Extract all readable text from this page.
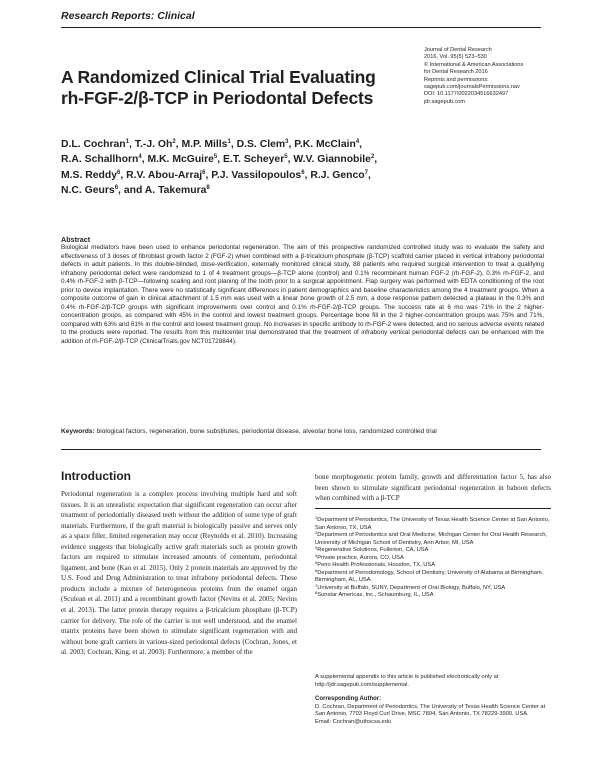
Research Reports: Clinical
A Randomized Clinical Trial Evaluating rh-FGF-2/β-TCP in Periodontal Defects
Journal of Dental Research
2016, Vol. 95(5) 523–530
© International & American Associations
for Dental Research 2016
Reprints and permissions:
sagepub.com/journalsPermissions.nav
DOI: 10.1177/0022034516632497
jdr.sagepub.com
D.L. Cochran$^1$, T.-J. Oh$^2$, M.P. Mills$^1$, D.S. Clem$^3$, P.K. McClain$^4$,
R.A. Schallhorn$^4$, M.K. McGuire$^5$, E.T. Scheyer$^5$, W.V. Giannobile$^2$,
M.S. Reddy$^6$, R.V. Abou-Arraj$^6$, P.J. Vassilopoulos$^6$, R.J. Genco$^7$,
N.C. Geurs$^6$, and A. Takemura$^8$
Abstract
Biological mediators have been used to enhance periodontal regeneration. The aim of this prospective randomized controlled study was to evaluate the safety and effectiveness of 3 doses of fibroblast growth factor 2 (FGF-2) when combined with a β-tricalcium phosphate (β-TCP) scaffold carrier placed in vertical infrabony periodontal defects in adult patients. In this double-blinded, dose-verification, externally monitored clinical study, 88 patients who required surgical intervention to treat a qualifying infrabony periodontal defect were randomized to 1 of 4 treatment groups—β-TCP alone (control) and 0.1% recombinant human FGF-2 (rh-FGF-2), 0.3% rh-FGF-2, and 0.4% rh-FGF-2 with β-TCP—following scaling and root planing of the tooth prior to a surgical appointment. Flap surgery was performed with EDTA conditioning of the root prior to device implantation. There were no statistically significant differences in patient demographics and baseline characteristics among the 4 treatment groups. When a composite outcome of gain in clinical attachment of 1.5 mm was used with a linear bone growth of 2.5 mm, a dose response pattern detected a plateau in the 0.3% and 0.4% rh-FGF-2/β-TCP groups with significant improvements over control and 0.1% rh-FGF-2/β-TCP groups. The success rate at 6 mo was 71% in the 2 higher-concentration groups, as compared with 45% in the control and lowest treatment groups. Percentage bone fill in the 2 higher-concentration groups was 75% and 71%, compared with 63% and 61% in the control and lowest treatment group. No increases in specific antibody to rh-FGF-2 were detected, and no serious adverse events related to the products were reported. The results from this multicenter trial demonstrated that the treatment of infrabony vertical periodontal defects can be enhanced with the addition of rh-FGF-2/β-TCP (ClinicalTrials.gov NCT01728844).
Keywords: biological factors, regeneration, bone substitutes, periodontal disease, alveolar bone loss, randomized controlled trial
Introduction

Periodontal regeneration is a complex process involving multiple hard and soft tissues. It is an unrealistic expectation that significant regeneration can occur after treatment of periodontally diseased teeth without the addition of some type of graft materials. Furthermore, if the graft material is biologically passive and serves only as a space filler, limited regeneration may occur (Reynolds et al. 2010). Increasing evidence suggests that biologically active graft materials such as protein growth factors are required to stimulate increased amounts of cementum, periodontal ligament, and bone (Kao et al. 2015). Only 2 protein materials are approved by the U.S. Food and Drug Administration to treat infrabony periodontal defects. These products include a mixture of heterogeneous proteins from the enamel organ (Sculean et al. 2011) and a recombinant growth factor (Nevins et al. 2005; Nevins et al. 2013). The latter protein therapy requires a β-tricalcium phosphate (β-TCP) carrier for delivery. The role of the carrier is not well understood, and the enamel matrix proteins have been shown to stimulate significant regeneration with and without bone graft carriers in various-sized periodontal defects (Cochran, Jones, et al. 2003; Cochran, King, et al. 2003). Furthermore, a member of the

bone morphogenetic protein family, growth and differentiation factor 5, has also been shown to stimulate significant periodontal regeneration in baboon defects when combined with a β-TCP
$^1$Department of Periodontics, The University of Texas Health Science Center at San Antonio, San Antonio, TX, USA
$^2$Department of Periodontics and Oral Medicine, Michigan Center for Oral Health Research, University of Michigan School of Dentistry, Ann Arbor, MI, USA
$^3$Regenerative Solutions, Fullerton, CA, USA
$^4$Private practice, Aurora, CO, USA
$^5$Perio Health Professionals, Houston, TX, USA
$^6$Department of Periodontology, School of Dentistry, University of Alabama at Birmingham, Birmingham, AL, USA
$^7$University at Buffalo, SUNY, Department of Oral Biology, Buffalo, NY, USA
$^8$Sunstar Americas, Inc., Schaumburg, IL, USA
A supplemental appendix to this article is published electronically only at http://jdr.sagepub.com/supplemental.
Corresponding Author:
D. Cochran, Department of Periodontics, The University of Texas Health Science Center at San Antonio, 7703 Floyd Curl Drive, MSC 7894, San Antonio, TX 78229-3900, USA.
Email: Cochran@uthscsa.edu
